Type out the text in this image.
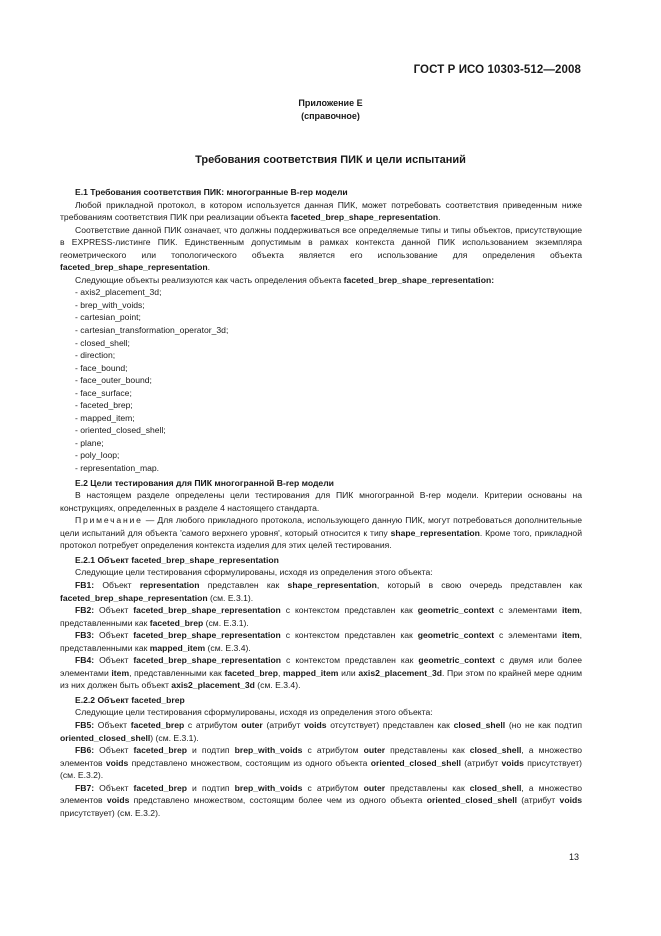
ГОСТ Р ИСО 10303-512—2008
Приложение Е
(справочное)
Требования соответствия ПИК и цели испытаний

Е.1 Требования соответствия ПИК: многогранные B-rep модели

Любой прикладной протокол, в котором используется данная ПИК, может потребовать соответствия приведенным ниже требованиям соответствия ПИК при реализации объекта faceted_brep_shape_representation.

Соответствие данной ПИК означает, что должны поддерживаться все определяемые типы и типы объектов, присутствующие в EXPRESS-листинге ПИК. Единственным допустимым в рамках контекста данной ПИК использованием экземпляра геометрического или топологического объекта является его использование для определения объекта faceted_brep_shape_representation.

Следующие объекты реализуются как часть определения объекта faceted_brep_shape_representation:

- axis2_placement_3d;

- brep_with_voids;

- cartesian_point;

- cartesian_transformation_operator_3d;

- closed_shell;

- direction;

- face_bound;

- face_outer_bound;

- face_surface;

- faceted_brep;

- mapped_item;

- oriented_closed_shell;

- plane;

- poly_loop;

- representation_map.

Е.2 Цели тестирования для ПИК многогранной B-rep модели

В настоящем разделе определены цели тестирования для ПИК многогранной B-rep модели. Критерии основаны на конструкциях, определенных в разделе 4 настоящего стандарта.

Примечание — Для любого прикладного протокола, использующего данную ПИК, могут потребоваться дополнительные цели испытаний для объекта 'самого верхнего уровня', который относится к типу shape_representation. Кроме того, прикладной протокол потребует определения контекста изделия для этих целей тестирования.

Е.2.1 Объект faceted_brep_shape_representation

Следующие цели тестирования сформулированы, исходя из определения этого объекта:

FB1: Объект representation представлен как shape_representation, который в свою очередь представлен как faceted_brep_shape_representation (см. Е.3.1).

FB2: Объект faceted_brep_shape_representation с контекстом представлен как geometric_context с элементами item, представленными как faceted_brep (см. Е.3.1).

FB3: Объект faceted_brep_shape_representation с контекстом представлен как geometric_context с элементами item, представленными как mapped_item (см. Е.3.4).

FB4: Объект faceted_brep_shape_representation с контекстом представлен как geometric_context с двумя или более элементами item, представленными как faceted_brep, mapped_item или axis2_placement_3d. При этом по крайней мере одним из них должен быть объект axis2_placement_3d (см. Е.3.4).

Е.2.2 Объект faceted_brep

Следующие цели тестирования сформулированы, исходя из определения этого объекта:

FB5: Объект faceted_brep с атрибутом outer (атрибут voids отсутствует) представлен как closed_shell (но не как подтип oriented_closed_shell) (см. Е.3.1).

FB6: Объект faceted_brep и подтип brep_with_voids с атрибутом outer представлены как closed_shell, а множество элементов voids представлено множеством, состоящим из одного объекта oriented_closed_shell (атрибут voids присутствует) (см. Е.3.2).

FB7: Объект faceted_brep и подтип brep_with_voids с атрибутом outer представлены как closed_shell, а множество элементов voids представлено множеством, состоящим более чем из одного объекта oriented_closed_shell (атрибут voids присутствует) (см. Е.3.2).

13
